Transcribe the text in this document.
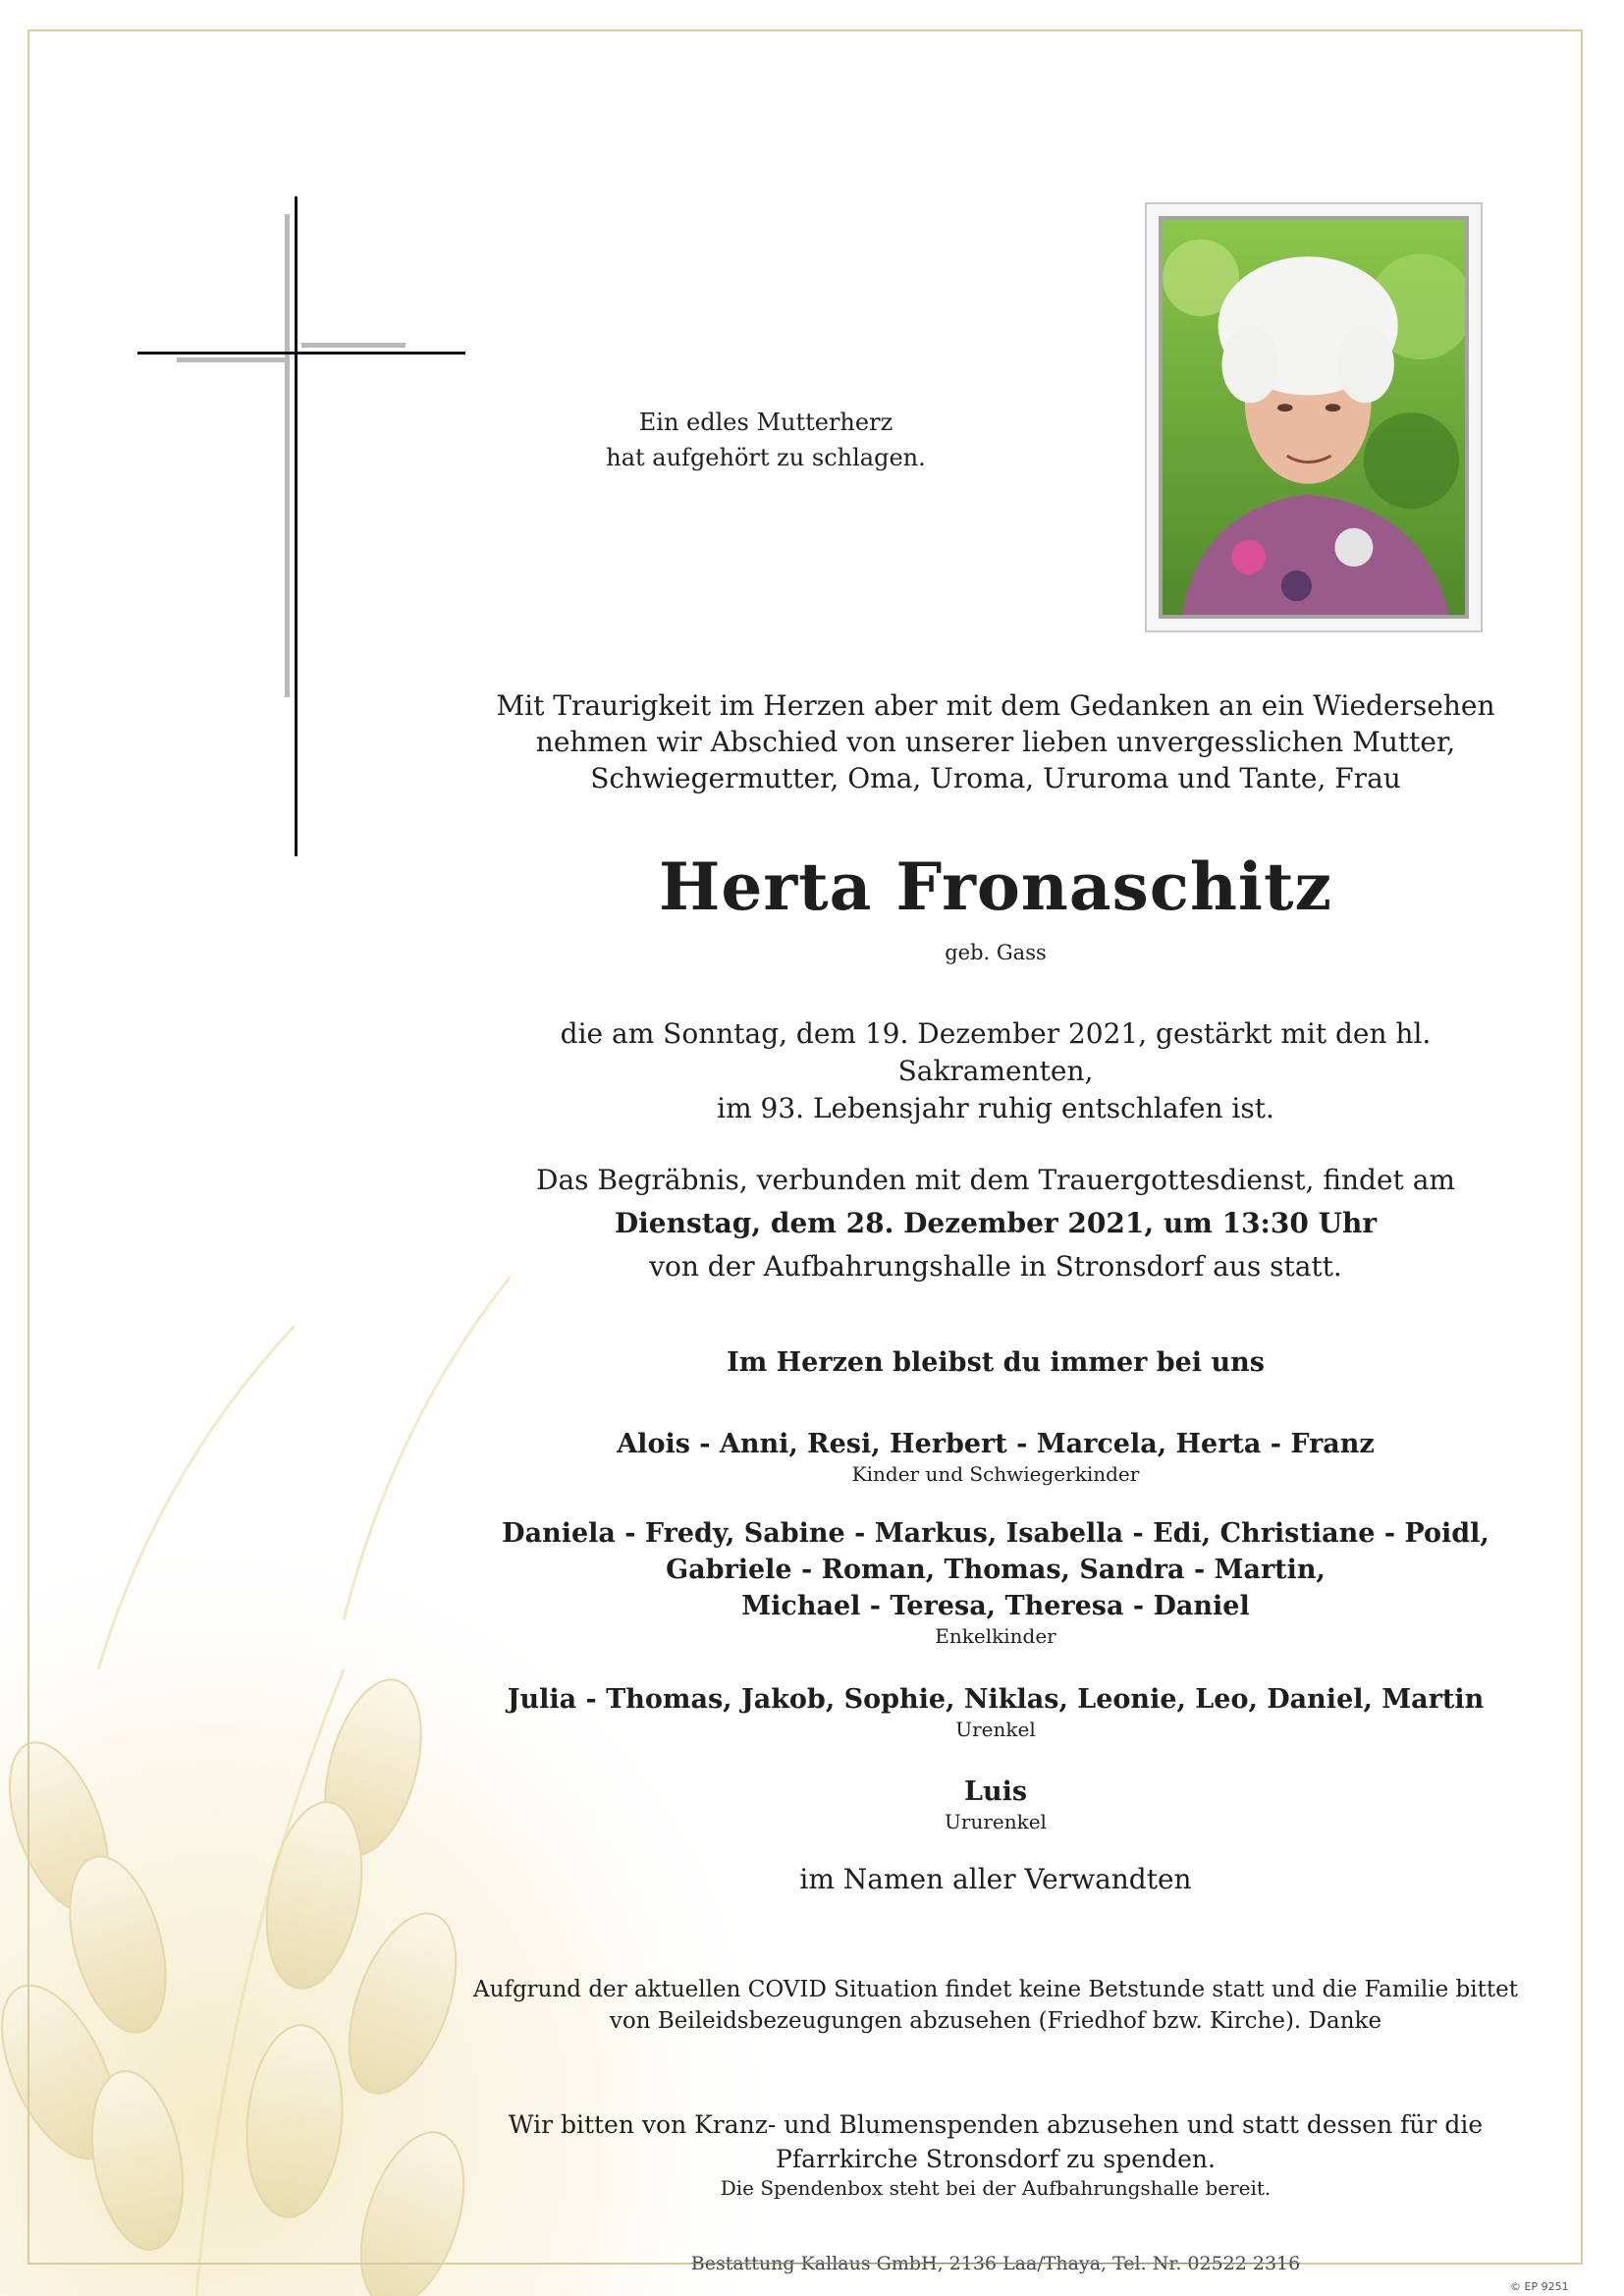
Ein edles Mutterherz
hat aufgehört zu schlagen.
Mit Traurigkeit im Herzen aber mit dem Gedanken an ein Wiedersehen
nehmen wir Abschied von unserer lieben unvergesslichen Mutter,
Schwiegermutter, Oma, Uroma, Ururoma und Tante, Frau
Herta Fronaschitz
geb. Gass
die am Sonntag, dem 19. Dezember 2021, gestärkt mit den hl. Sakramenten,
im 93. Lebensjahr ruhig entschlafen ist.
Das Begräbnis, verbunden mit dem Trauergottesdienst, findet am
Dienstag, dem 28. Dezember 2021, um 13:30 Uhr
von der Aufbahrungshalle in Stronsdorf aus statt.
Im Herzen bleibst du immer bei uns
Alois - Anni, Resi, Herbert - Marcela, Herta - Franz
Kinder und Schwiegerkinder
Daniela - Fredy, Sabine - Markus, Isabella - Edi, Christiane - Poidl,
Gabriele - Roman, Thomas, Sandra - Martin,
Michael - Teresa, Theresa - Daniel
Enkelkinder
Julia - Thomas, Jakob, Sophie, Niklas, Leonie, Leo, Daniel, Martin
Urenkel
Luis
Ururenkel
im Namen aller Verwandten
Aufgrund der aktuellen COVID Situation findet keine Betstunde statt und die Familie bittet
von Beileidsbezeugungen abzusehen (Friedhof bzw. Kirche). Danke
Wir bitten von Kranz- und Blumenspenden abzusehen und statt dessen für die
Pfarrkirche Stronsdorf zu spenden.
Die Spendenbox steht bei der Aufbahrungshalle bereit.
Bestattung Kallaus GmbH, 2136 Laa/Thaya, Tel. Nr. 02522 2316
© EP 9251
